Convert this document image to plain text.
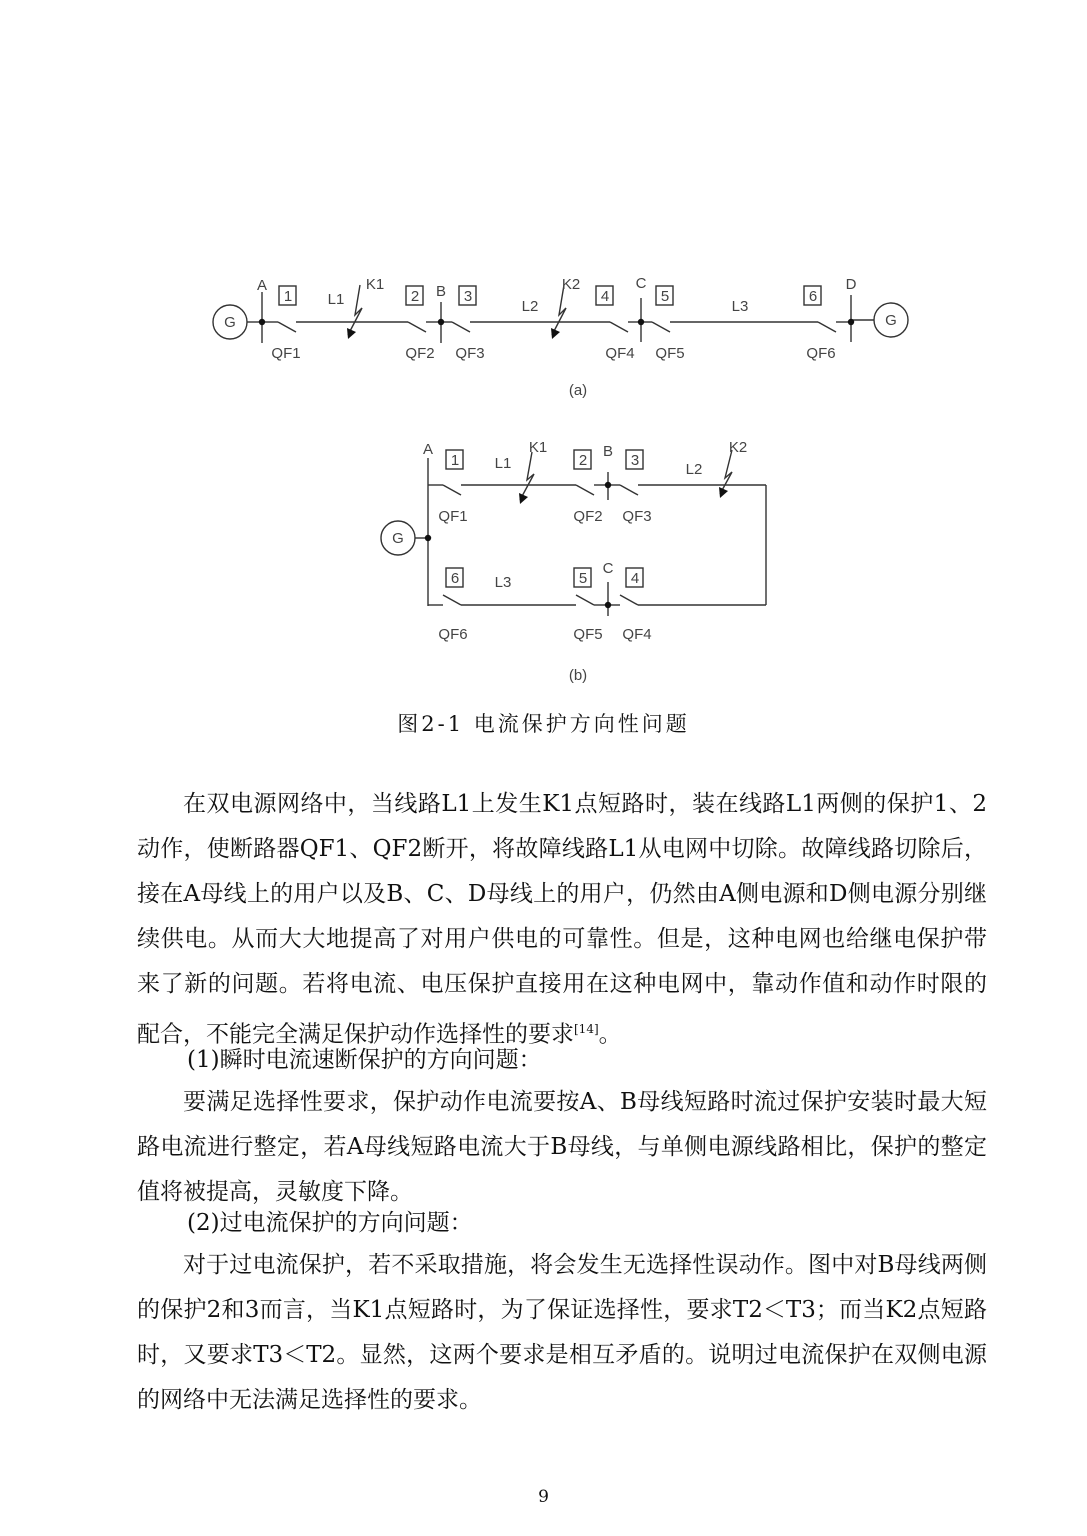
G	G
A	B	C	D
L1	L2	L3
K1	K2
1	2	3	4	5	6
QF1	QF2 QF3	QF4 QF5	QF6
(a)
G
A	B
C
L1	L2
L3
K1	K2
1	2	3
4
5
6
QF1	QF2 QF3
QF4
QF5
QF6
(b)
图2-1 电流保护方向性问题
在双电源网络中，当线路L1上发生K1点短路时，装在线路L1两侧的保护1、2动作，使断路器QF1、QF2断开，将故障线路L1从电网中切除。故障线路切除后，接在A母线上的用户以及B、C、D母线上的用户，仍然由A侧电源和D侧电源分别继续供电。从而大大地提高了对用户供电的可靠性。但是，这种电网也给继电保护带来了新的问题。若将电流、电压保护直接用在这种电网中，靠动作值和动作时限的配合，不能完全满足保护动作选择性的要求[14]。
(1)瞬时电流速断保护的方向问题：
要满足选择性要求，保护动作电流要按A、B母线短路时流过保护安装时最大短路电流进行整定，若A母线短路电流大于B母线，与单侧电源线路相比，保护的整定值将被提高，灵敏度下降。
(2)过电流保护的方向问题：
对于过电流保护，若不采取措施，将会发生无选择性误动作。图中对B母线两侧的保护2和3而言，当K1点短路时，为了保证选择性，要求T2＜T3；而当K2点短路时，又要求T3＜T2。显然，这两个要求是相互矛盾的。说明过电流保护在双侧电源的网络中无法满足选择性的要求。
9
